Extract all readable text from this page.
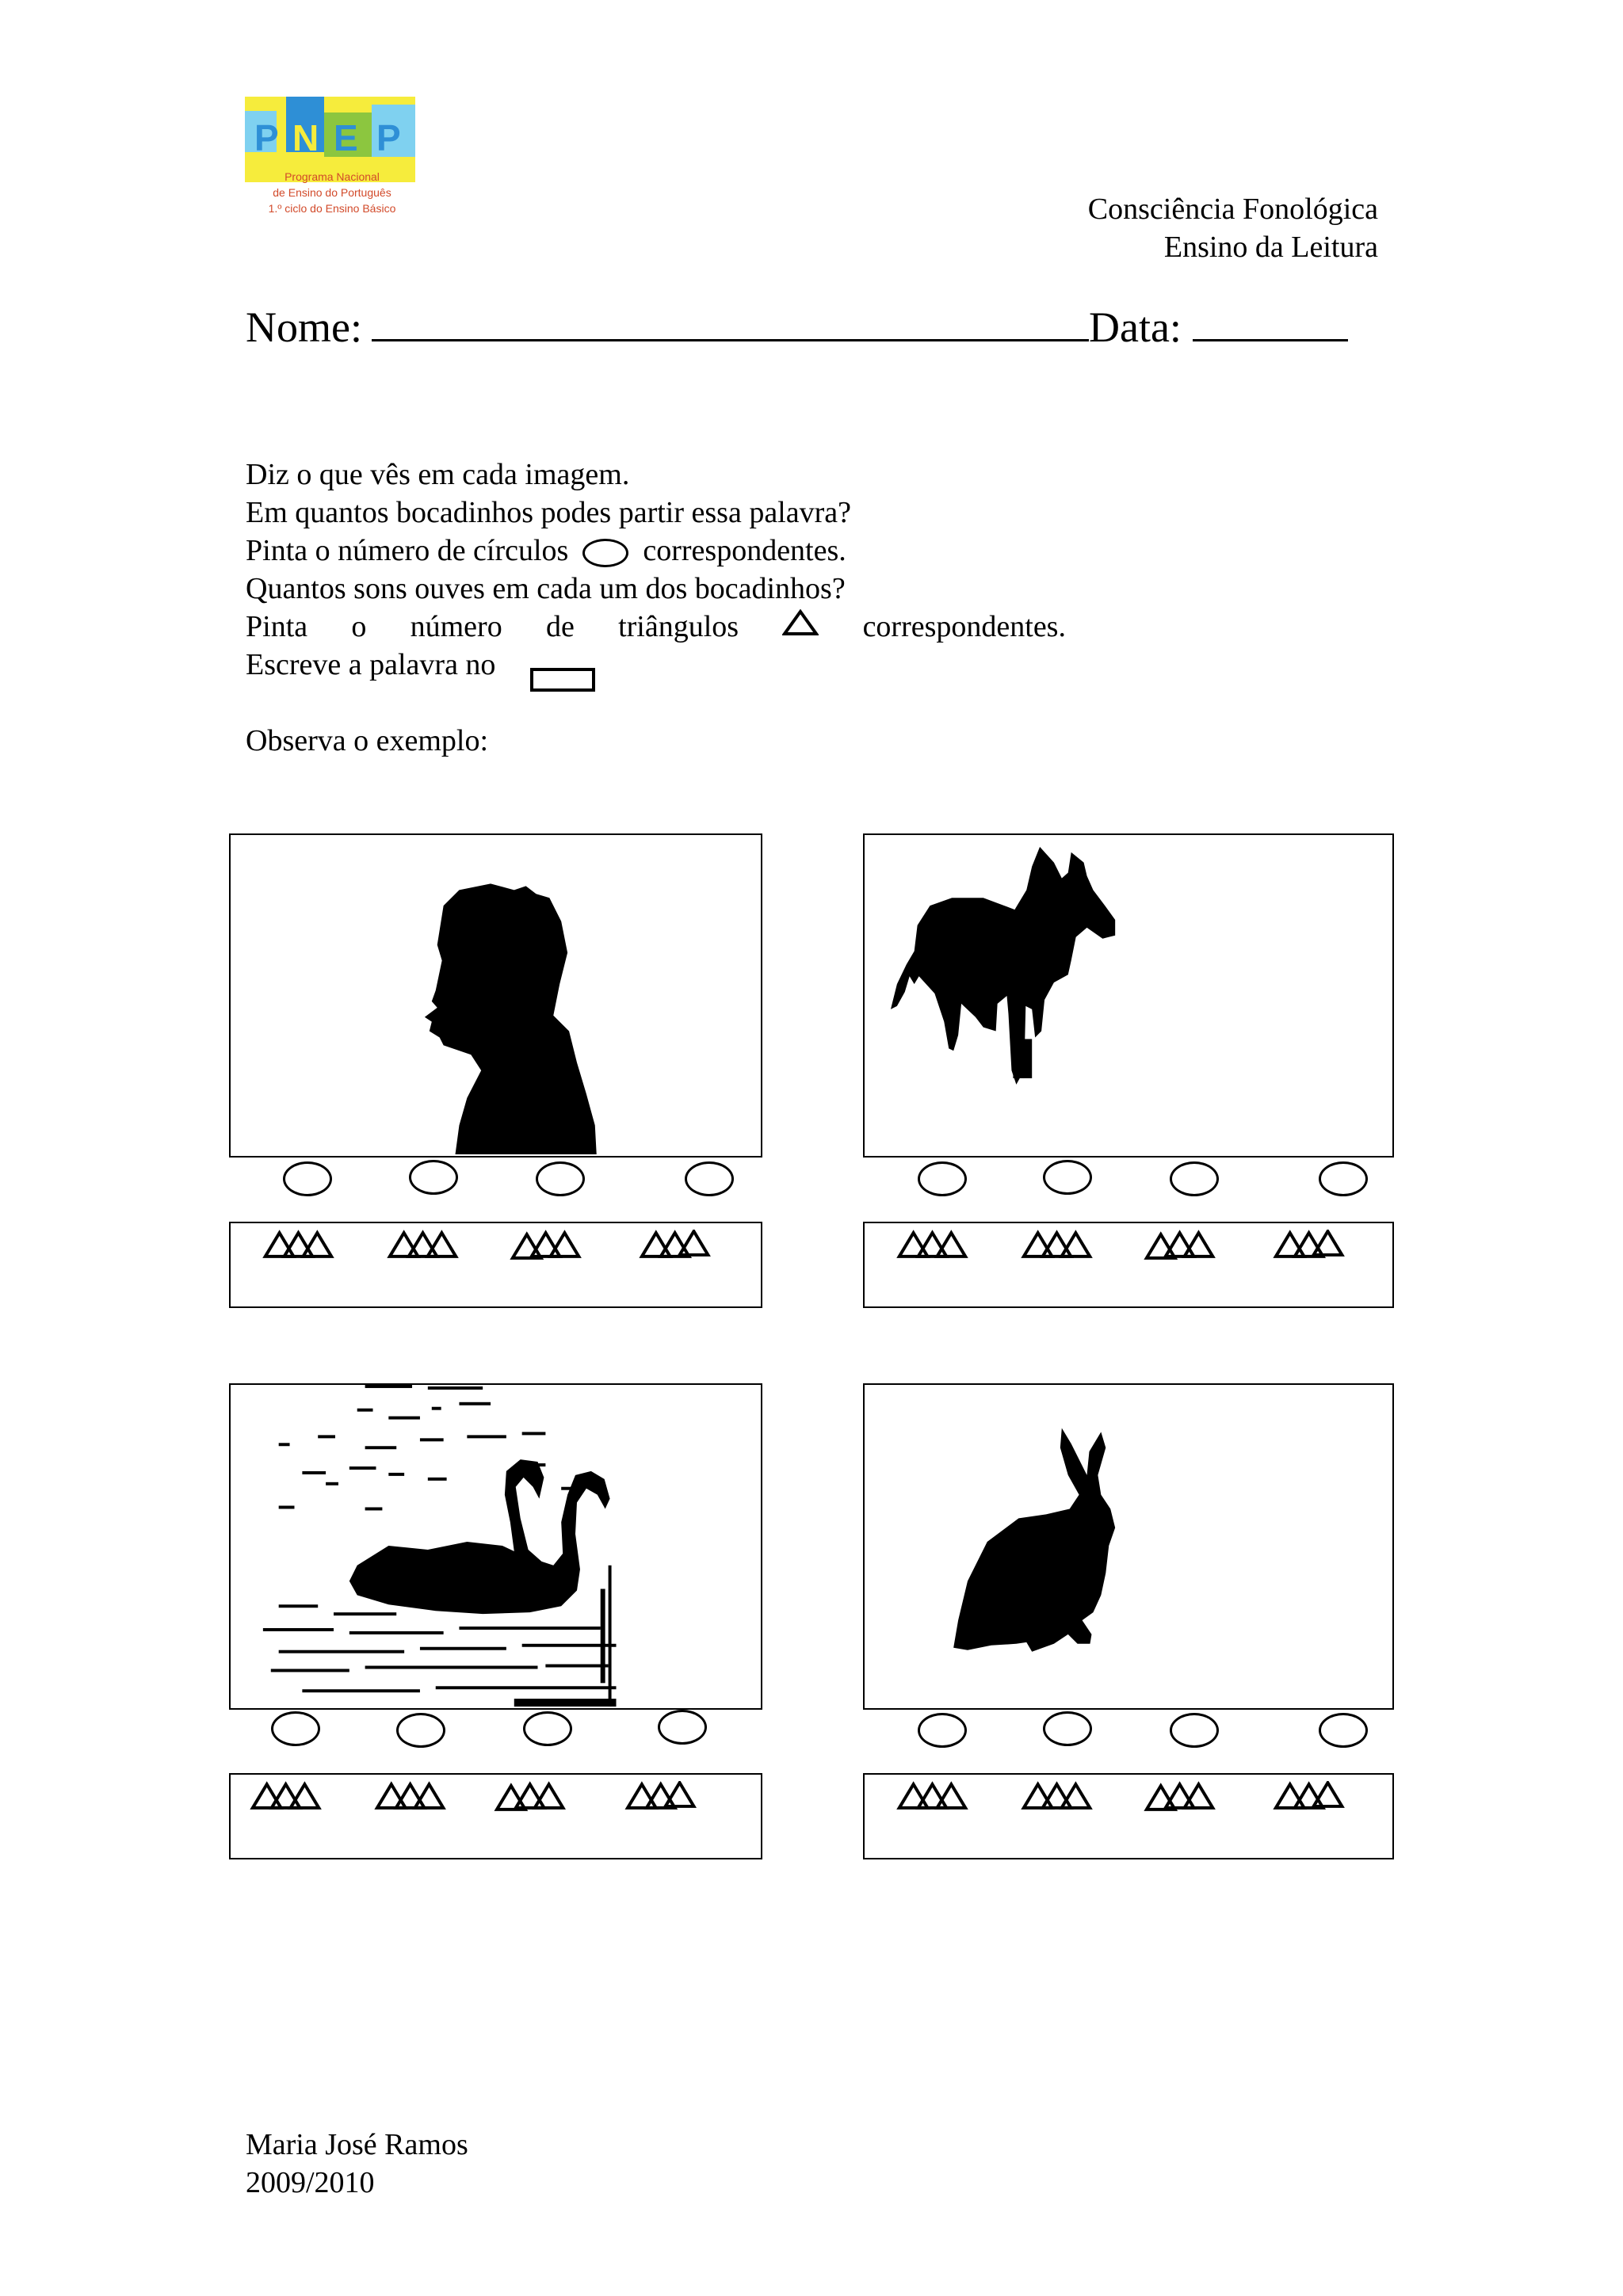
P N E P
Programa Nacional
de Ensino do Português
1.º ciclo do Ensino Básico	Consciência Fonológica
Ensino da Leitura
Nome:	Data:
Diz o que vês em cada imagem.
Em quantos bocadinhos podes partir essa palavra?
Pinta o número de círculos correspondentes.
Quantos sons ouves em cada um dos bocadinhos?
Pinta o número de triângulos	correspondentes.
Escreve a palavra no
Observa o exemplo:
Maria José Ramos
2009/2010
